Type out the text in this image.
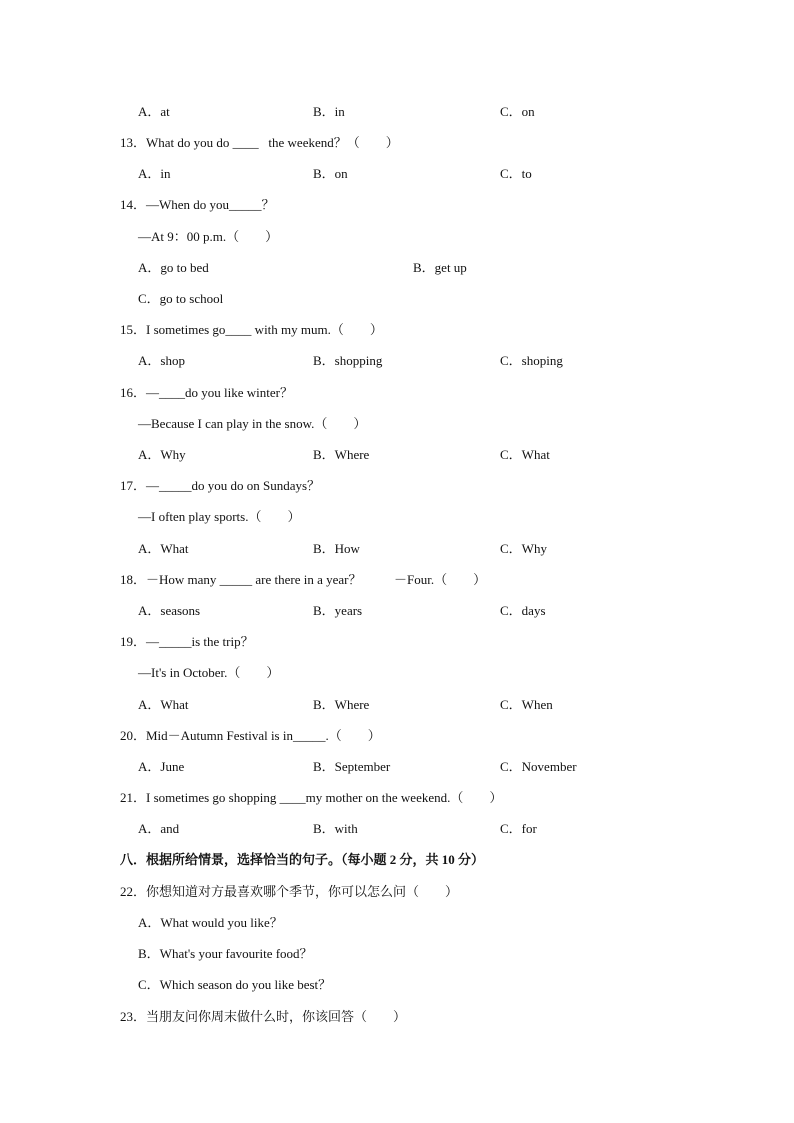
A．at	B．in	C．on
13．What do you do ____   the weekend？（　　）
A．in	B．on	C．to
14．—When do you_____？
—At 9：00 p.m.（　　）
A．go to bed	B．get up
C．go to school
15．I sometimes go____ with my mum.（　　）
A．shop	B．shopping	C．shoping
16．—____do you like winter？
—Because I can play in the snow.（　　）
A．Why	B．Where	C．What
17．—_____do you do on Sundays？
—I often play sports.（　　）
A．What	B．How	C．Why
18．－How many _____ are there in a year？          －Four.（　　）
A．seasons	B．years	C．days
19．—_____is the trip？
—It's in October.（　　）
A．What	B．Where	C．When
20．Mid－Autumn Festival is in_____.（　　）
A．June	B．September	C．November
21．I sometimes go shopping ____my mother on the weekend.（　　）
A．and	B．with	C．for
八．根据所给情景，选择恰当的句子。（每小题 2 分，共 10 分）
22．你想知道对方最喜欢哪个季节，你可以怎么问（　　）
A．What would you like？
B．What's your favourite food？
C．Which season do you like best？
23．当朋友问你周末做什么时，你该回答（　　）
